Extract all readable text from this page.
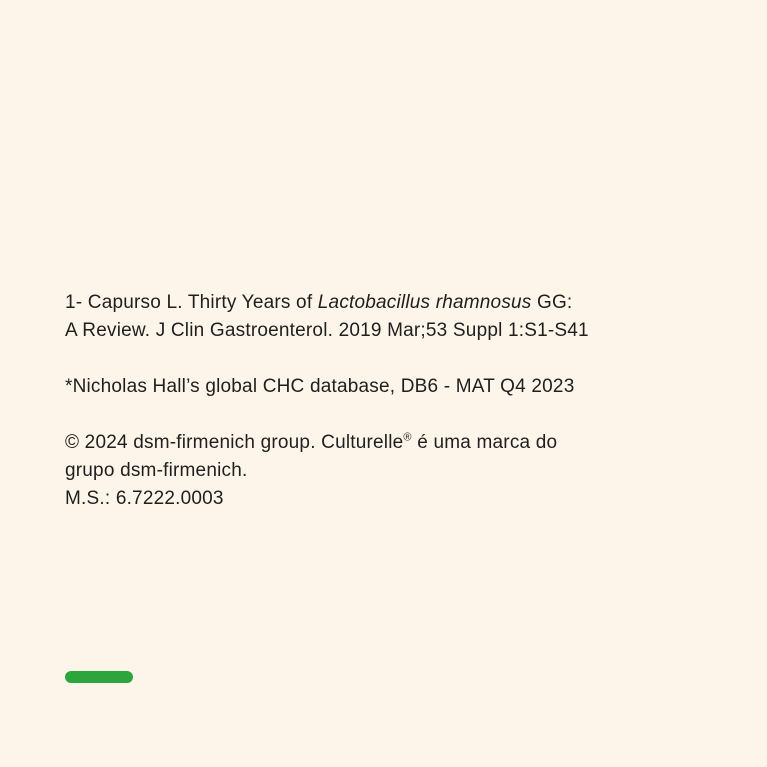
1- Capurso L. Thirty Years of Lactobacillus rhamnosus GG:
A Review. J Clin Gastroenterol. 2019 Mar;53 Suppl 1:S1-S41
*Nicholas Hall’s global CHC database, DB6 - MAT Q4 2023
© 2024 dsm-firmenich group. Culturelle® é uma marca do
grupo dsm-firmenich.
M.S.: 6.7222.0003
